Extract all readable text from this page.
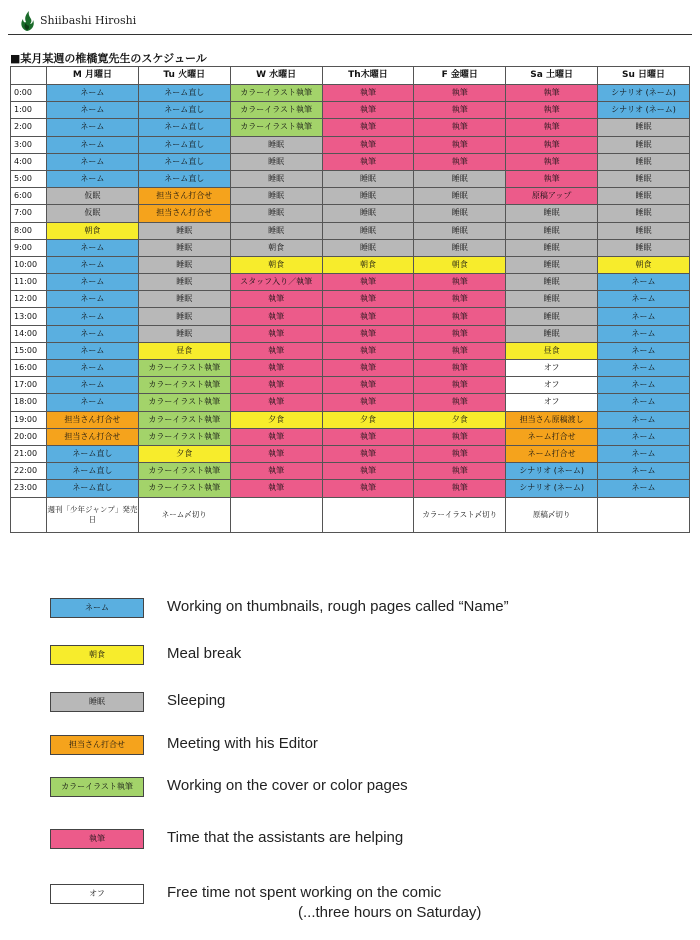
Shiibashi Hiroshi
■某月某週の椎橋寛先生のスケジュール
	M 月曜日	Tu 火曜日	W 水曜日	Th木曜日	F 金曜日	Sa 土曜日	Su 日曜日
0:00	ネーム	ネーム直し	カラーイラスト執筆	執筆	執筆	執筆	シナリオ (ネーム)
1:00	ネーム	ネーム直し	カラーイラスト執筆	執筆	執筆	執筆	シナリオ (ネーム)
2:00	ネーム	ネーム直し	カラーイラスト執筆	執筆	執筆	執筆	睡眠
3:00	ネーム	ネーム直し	睡眠	執筆	執筆	執筆	睡眠
4:00	ネーム	ネーム直し	睡眠	執筆	執筆	執筆	睡眠
5:00	ネーム	ネーム直し	睡眠	睡眠	睡眠	執筆	睡眠
6:00	仮眠	担当さん打合せ	睡眠	睡眠	睡眠	原稿アップ	睡眠
7:00	仮眠	担当さん打合せ	睡眠	睡眠	睡眠	睡眠	睡眠
8:00	朝食	睡眠	睡眠	睡眠	睡眠	睡眠	睡眠
9:00	ネーム	睡眠	朝食	睡眠	睡眠	睡眠	睡眠
10:00	ネーム	睡眠	朝食	朝食	朝食	睡眠	朝食
11:00	ネーム	睡眠	スタッフ入り／執筆	執筆	執筆	睡眠	ネーム
12:00	ネーム	睡眠	執筆	執筆	執筆	睡眠	ネーム
13:00	ネーム	睡眠	執筆	執筆	執筆	睡眠	ネーム
14:00	ネーム	睡眠	執筆	執筆	執筆	睡眠	ネーム
15:00	ネーム	昼食	執筆	執筆	執筆	昼食	ネーム
16:00	ネーム	カラーイラスト執筆	執筆	執筆	執筆	オフ	ネーム
17:00	ネーム	カラーイラスト執筆	執筆	執筆	執筆	オフ	ネーム
18:00	ネーム	カラーイラスト執筆	執筆	執筆	執筆	オフ	ネーム
19:00	担当さん打合せ	カラーイラスト執筆	夕食	夕食	夕食	担当さん原稿渡し	ネーム
20:00	担当さん打合せ	カラーイラスト執筆	執筆	執筆	執筆	ネーム打合せ	ネーム
21:00	ネーム直し	夕食	執筆	執筆	執筆	ネーム打合せ	ネーム
22:00	ネーム直し	カラーイラスト執筆	執筆	執筆	執筆	シナリオ (ネーム)	ネーム
23:00	ネーム直し	カラーイラスト執筆	執筆	執筆	執筆	シナリオ (ネーム)	ネーム
	週刊「少年ジャンプ」発売日	ネーム〆切り			カラーイラスト〆切り	原稿〆切り	
ネーム	Working on thumbnails, rough pages called “Name”
朝食	Meal break
睡眠	Sleeping
担当さん打合せ	Meeting with his Editor
カラーイラスト執筆	Working on the cover or color pages
執筆	Time that the assistants are helping
オフ	Free time not spent working on the comic
(...three hours on Saturday)
